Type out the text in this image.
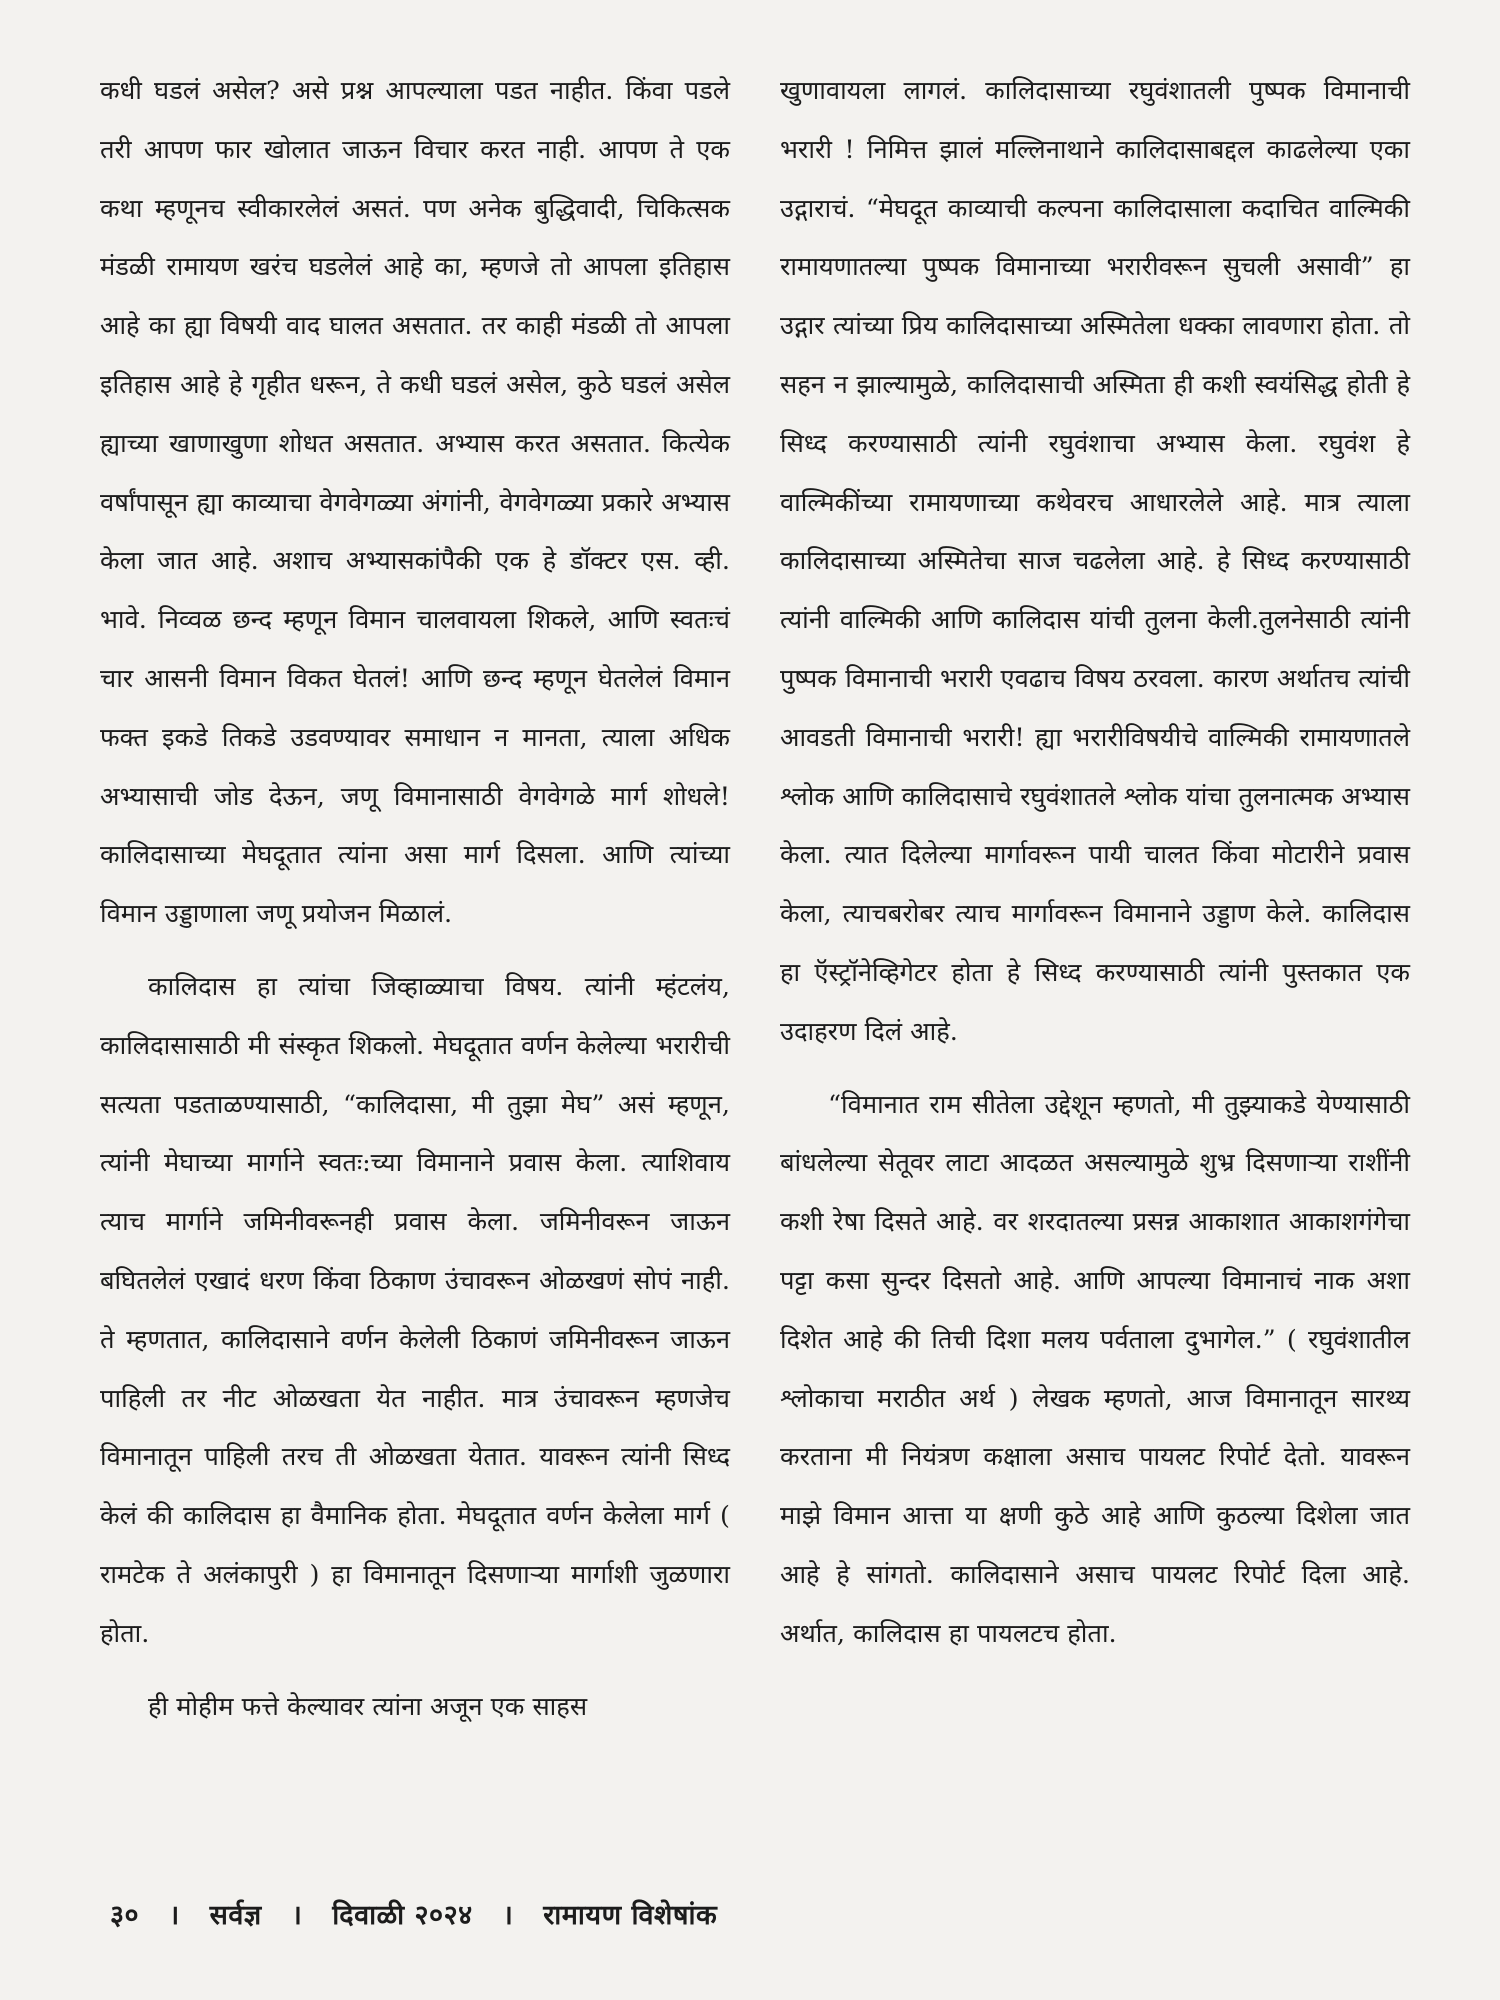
कधी घडलं असेल? असे प्रश्न आपल्याला पडत नाहीत. किंवा पडले तरी आपण फार खोलात जाऊन विचार करत नाही. आपण ते एक कथा म्हणूनच स्वीकारलेलं असतं. पण अनेक बुद्धिवादी, चिकित्सक मंडळी रामायण खरंच घडलेलं आहे का, म्हणजे तो आपला इतिहास आहे का ह्या विषयी वाद घालत असतात. तर काही मंडळी तो आपला इतिहास आहे हे गृहीत धरून, ते कधी घडलं असेल, कुठे घडलं असेल ह्याच्या खाणाखुणा शोधत असतात. अभ्यास करत असतात. कित्येक वर्षांपासून ह्या काव्याचा वेगवेगळ्या अंगांनी, वेगवेगळ्या प्रकारे अभ्यास केला जात आहे. अशाच अभ्यासकांपैकी एक हे डॉक्टर एस. व्ही. भावे. निव्वळ छन्द म्हणून विमान चालवायला शिकले, आणि स्वतःचं चार आसनी विमान विकत घेतलं! आणि छन्द म्हणून घेतलेलं विमान फक्त इकडे तिकडे उडवण्यावर समाधान न मानता, त्याला अधिक अभ्यासाची जोड देऊन, जणू विमानासाठी वेगवेगळे मार्ग शोधले! कालिदासाच्या मेघदूतात त्यांना असा मार्ग दिसला. आणि त्यांच्या विमान उड्डाणाला जणू प्रयोजन मिळालं.

कालिदास हा त्यांचा जिव्हाळ्याचा विषय. त्यांनी म्हंटलंय, कालिदासासाठी मी संस्कृत शिकलो. मेघदूतात वर्णन केलेल्या भरारीची सत्यता पडताळण्यासाठी, “कालिदासा, मी तुझा मेघ” असं म्हणून, त्यांनी मेघाच्या मार्गाने स्वतः:च्या विमानाने प्रवास केला. त्याशिवाय त्याच मार्गाने जमिनीवरूनही प्रवास केला. जमिनीवरून जाऊन बघितलेलं एखादं धरण किंवा ठिकाण उंचावरून ओळखणं सोपं नाही. ते म्हणतात, कालिदासाने वर्णन केलेली ठिकाणं जमिनीवरून जाऊन पाहिली तर नीट ओळखता येत नाहीत. मात्र उंचावरून म्हणजेच विमानातून पाहिली तरच ती ओळखता येतात. यावरून त्यांनी सिध्द केलं की कालिदास हा वैमानिक होता. मेघदूतात वर्णन केलेला मार्ग ( रामटेक ते अलंकापुरी ) हा विमानातून दिसणाऱ्या मार्गाशी जुळणारा होता.

ही मोहीम फत्ते केल्यावर त्यांना अजून एक साहस

खुणावायला लागलं. कालिदासाच्या रघुवंशातली पुष्पक विमानाची भरारी ! निमित्त झालं मल्लिनाथाने कालिदासाबद्दल काढलेल्या एका उद्गाराचं. “मेघदूत काव्याची कल्पना कालिदासाला कदाचित वाल्मिकी रामायणातल्या पुष्पक विमानाच्या भरारीवरून सुचली असावी” हा उद्गार त्यांच्या प्रिय कालिदासाच्या अस्मितेला धक्का लावणारा होता. तो सहन न झाल्यामुळे, कालिदासाची अस्मिता ही कशी स्वयंसिद्ध होती हे सिध्द करण्यासाठी त्यांनी रघुवंशाचा अभ्यास केला. रघुवंश हे वाल्मिकींच्या रामायणाच्या कथेवरच आधारलेले आहे. मात्र त्याला कालिदासाच्या अस्मितेचा साज चढलेला आहे. हे सिध्द करण्यासाठी त्यांनी वाल्मिकी आणि कालिदास यांची तुलना केली.तुलनेसाठी त्यांनी पुष्पक विमानाची भरारी एवढाच विषय ठरवला. कारण अर्थातच त्यांची आवडती विमानाची भरारी! ह्या भरारीविषयीचे वाल्मिकी रामायणातले श्लोक आणि कालिदासाचे रघुवंशातले श्लोक यांचा तुलनात्मक अभ्यास केला. त्यात दिलेल्या मार्गावरून पायी चालत किंवा मोटारीने प्रवास केला, त्याचबरोबर त्याच मार्गावरून विमानाने उड्डाण केले. कालिदास हा ऍस्ट्रॉनेव्हिगेटर होता हे सिध्द करण्यासाठी त्यांनी पुस्तकात एक उदाहरण दिलं आहे.

“विमानात राम सीतेला उद्देशून म्हणतो, मी तुझ्याकडे येण्यासाठी बांधलेल्या सेतूवर लाटा आदळत असल्यामुळे शुभ्र दिसणाऱ्या राशींनी कशी रेषा दिसते आहे. वर शरदातल्या प्रसन्न आकाशात आकाशगंगेचा पट्टा कसा सुन्दर दिसतो आहे. आणि आपल्या विमानाचं नाक अशा दिशेत आहे की तिची दिशा मलय पर्वताला दुभागेल.” ( रघुवंशातील श्लोकाचा मराठीत अर्थ ) लेखक म्हणतो, आज विमानातून सारथ्य करताना मी नियंत्रण कक्षाला असाच पायलट रिपोर्ट देतो. यावरून माझे विमान आत्ता या क्षणी कुठे आहे आणि कुठल्या दिशेला जात आहे हे सांगतो. कालिदासाने असाच पायलट रिपोर्ट दिला आहे. अर्थात, कालिदास हा पायलटच होता.

३० । सर्वज्ञ । दिवाळी २०२४ । रामायण विशेषांक
